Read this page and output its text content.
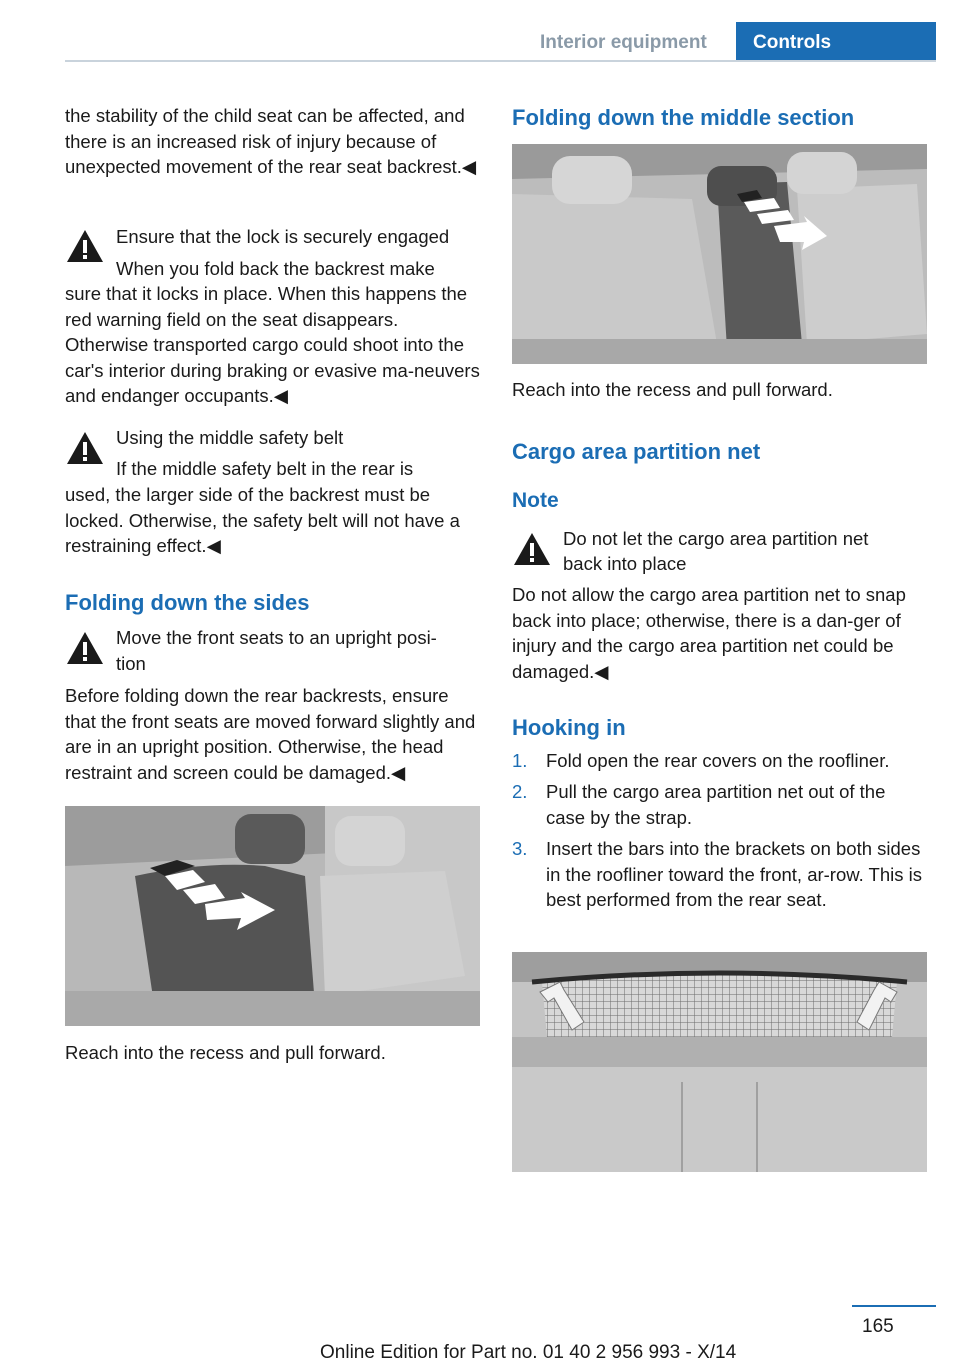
Interior equipment Controls
the stability of the child seat can be affected, and there is an increased risk of injury because of unexpected movement of the rear seat backrest.◀
Ensure that the lock is securely engaged
When you fold back the backrest make
sure that it locks in place. When this happens the red warning field on the seat disappears. Otherwise transported cargo could shoot into the car's interior during braking or evasive ma‐neuvers and endanger occupants.◀
Using the middle safety belt
If the middle safety belt in the rear is
used, the larger side of the backrest must be locked. Otherwise, the safety belt will not have a restraining effect.◀
Folding down the sides
Move the front seats to an upright posi‐
tion
Before folding down the rear backrests, ensure that the front seats are moved forward slightly and are in an upright position. Otherwise, the head restraint and screen could be damaged.◀
Reach into the recess and pull forward.
Folding down the middle section
Reach into the recess and pull forward.
Cargo area partition net
Note
Do not let the cargo area partition net
back into place
Do not allow the cargo area partition net to snap back into place; otherwise, there is a dan‐ger of injury and the cargo area partition net could be damaged.◀
Hooking in
1. Fold open the rear covers on the roofliner.
2. Pull the cargo area partition net out of the case by the strap.
3. Insert the bars into the brackets on both sides in the roofliner toward the front, ar‐row. This is best performed from the rear seat.
165
Online Edition for Part no. 01 40 2 956 993 - X/14
